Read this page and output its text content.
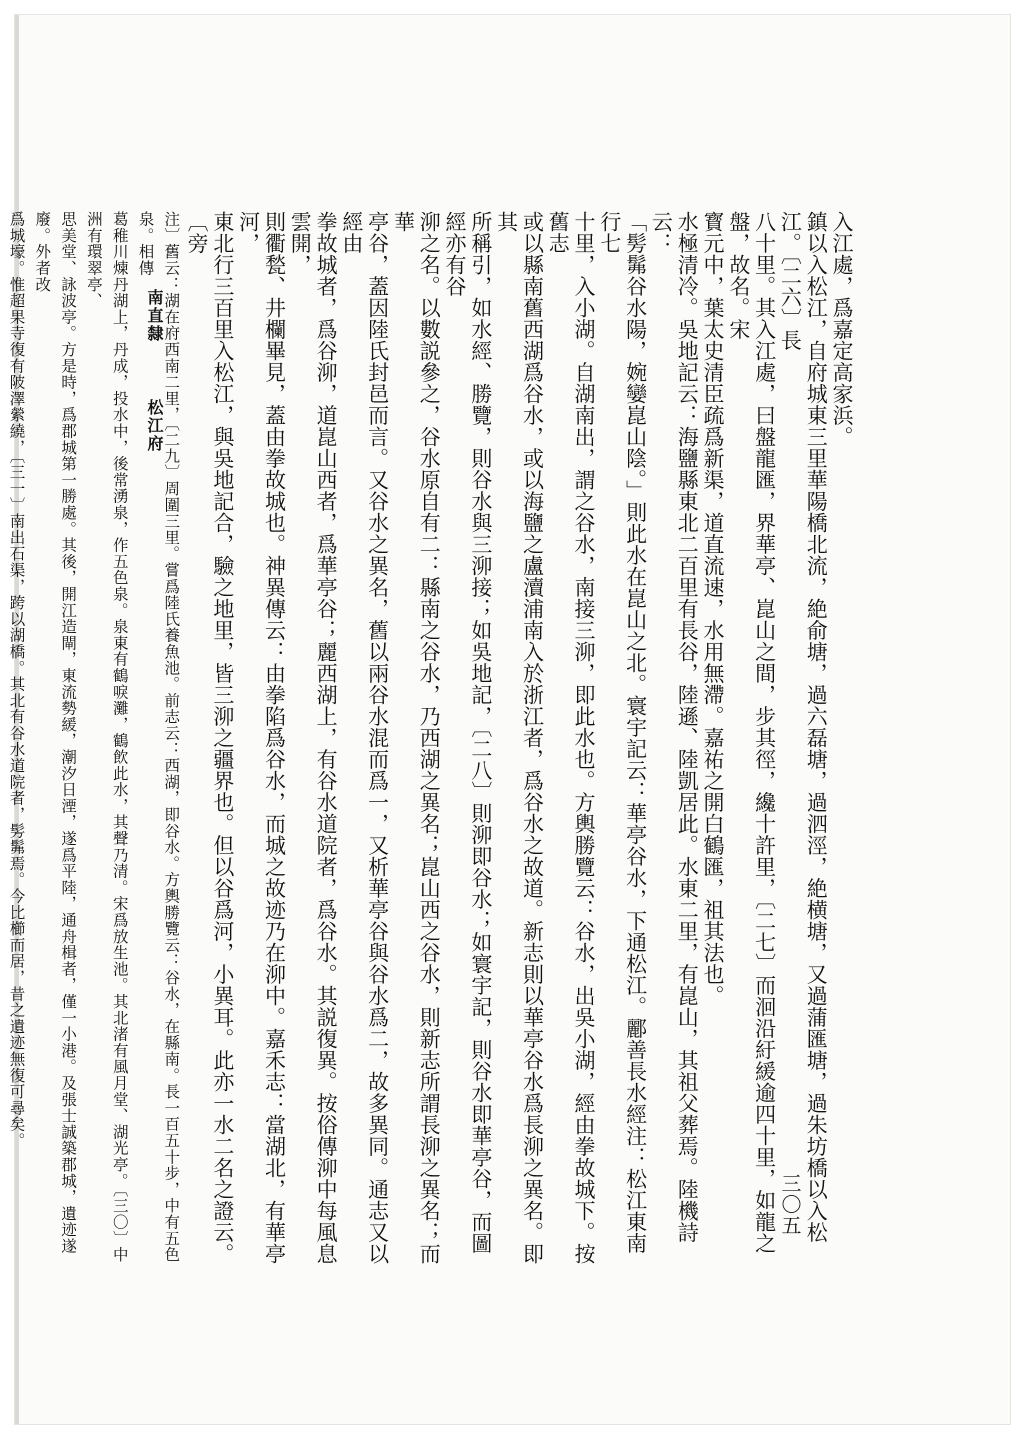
入江處，爲嘉定高家浜。
鎮以入松江，自府城東三里華陽橋北流，絶俞塘，過六磊塘，過泗涇，絶横塘，又過蒲匯塘，過朱坊橋以入松江。〔二六〕長
八十里。其入江處，曰盤龍匯，界華亭、崑山之間，步其徑，纔十許里，〔二七〕而洄沿紆緩逾四十里，如龍之盤，故名。宋
寳元中，葉太史清臣疏爲新渠，道直流速，水用無滯。嘉祐之開白鶴匯，祖其法也。
水極清冷。吳地記云：海鹽縣東北二百里有長谷，陸遜、陸凱居此。水東二里，有崑山，其祖父葬焉。陸機詩云：
「髣髴谷水陽，婉孌崑山陰。」則此水在崑山之北。寰宇記云：華亭谷水，下通松江。酈善長水經注：松江東南行七
十里，入小湖。自湖南出，謂之谷水，南接三泖，即此水也。方輿勝覽云：谷水，出吳小湖，經由拳故城下。按舊志
或以縣南舊西湖爲谷水，或以海鹽之盧瀆浦南入於浙江者，爲谷水之故道。新志則以華亭谷水爲長泖之異名。即其
所稱引，如水經、勝覽，則谷水與三泖接；如吳地記，〔二八〕則泖即谷水；如寰宇記，則谷水即華亭谷，而圖經亦有谷
泖之名。以數説參之，谷水原自有二：縣南之谷水，乃西湖之異名；崑山西之谷水，則新志所謂長泖之異名；而華
亭谷，蓋因陸氏封邑而言。又谷水之異名，舊以兩谷水混而爲一，又析華亭谷與谷水爲二，故多異同。通志又以經由
拳故城者，爲谷泖，道崑山西者，爲華亭谷；麗西湖上，有谷水道院者，爲谷水。其説復異。按俗傳泖中每風息雲開，
則衢甃、井欄畢見，蓋由拳故城也。神異傳云：由拳陷爲谷水，而城之故迹乃在泖中。嘉禾志：當湖北，有華亭河，
東北行三百里入松江，與吳地記合，驗之地里，皆三泖之疆界也。但以谷爲河，小異耳。此亦一水二名之證云。〔旁
注〕舊云：湖在府西南二里，〔二九〕周圍三里。嘗爲陸氏養魚池。前志云：西湖，即谷水。方輿勝覽云：谷水，在縣南。長一百五十步，中有五色泉。相傳
葛稚川煉丹湖上，丹成，投水中，後常湧泉，作五色泉。泉東有鶴唳灘，鶴飲此水，其聲乃清。宋爲放生池。其北渚有風月堂、湖光亭。〔三〇〕中洲有環翠亭、
思美堂、詠波亭。方是時，爲郡城第一勝處。其後，開江造閘，東流勢緩，潮汐日湮，遂爲平陸，通舟楫者，僅一小港。及張士誠築郡城，遺迹遂廢。外者改
爲城壕。惟超果寺復有陂澤縈繞，〔三一〕南出石渠，跨以湖橋。其北有谷水道院者，髣髴焉。今比櫛而居，昔之遺迹無復可尋矣。
三〇五
南直隸  松江府
